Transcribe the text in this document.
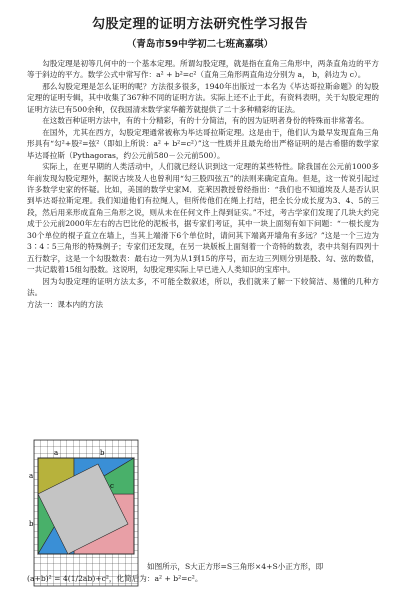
勾股定理的证明方法研究性学习报告
（青岛市59中学初二七班高嘉琪）

勾股定理是初等几何中的一个基本定理。所谓勾股定理，就是指在直角三角形中，两条直角边的平方等于斜边的平方。数学公式中常写作：a² + b²=c²（直角三角形两直角边分别为 a， b，斜边为 c）。

那么勾股定理是怎么证明的呢？方法很多很多，1940年出版过一本名为《毕达哥拉斯命题》的勾股定理的证明专辑，其中收集了367种不同的证明方法。实际上还不止于此，有资料表明，关于勾股定理的证明方法已有500余种，仅我国清末数学家华蘅芳就提供了二十多种精彩的证法。

在这数百种证明方法中，有的十分精彩，有的十分简洁，有的因为证明者身份的特殊而非常著名。

在国外，尤其在西方，勾股定理通常被称为毕达哥拉斯定理。这是由于，他们认为最早发现直角三角形具有“勾²+股²=弦²（即如上所说：a² + b²=c²）”这一性质并且最先给出严格证明的是古希腊的数学家毕达哥拉斯（Pythagoras，约公元前580－公元前500）。

实际上，在更早期的人类活动中，人们就已经认识到这一定理的某些特性。除我国在公元前1000多年前发现勾股定理外，据说古埃及人也曾利用“勾三股四弦五”的法则来确定直角。但是，这一传说引起过许多数学史家的怀疑。比如，美国的数学史家M．克莱因教授曾经指出：“我们也不知道埃及人是否认识到毕达哥拉斯定理。我们知道他们有拉绳人，但所传他们在绳上打结，把全长分成长度为3、4、5的三段，然后用来形成直角三角形之说，则从未在任何文件上得到证实。”不过，考古学家们发现了几块大约完成于公元前2000年左右的古巴比伦的泥板书，据专家们考证，其中一块上面刻有如下问题：“一根长度为30个单位的棍子直立在墙上，当其上端滑下6个单位时，请问其下端离开墙角有多远？”这是一个三边为3∶4∶5三角形的特殊例子；专家们还发现，在另一块版板上面刻着一个奇特的数表，表中共刻有四列十五行数字，这是一个勾股数表：最右边一列为从1到15的序号，而左边三列则分别是股、勾、弦的数值，一共记载着15组勾股数。这说明，勾股定理实际上早已进入人类知识的宝库中。

因为勾股定理的证明方法太多，不可能全数叙述，所以，我们就来了解一下较简洁、易懂的几种方法。

方法一：课本内的方法

b
a
c
a
b
如图所示，S大正方形=S三角形×4+S小正方形，即
(a+b)² = 4(1/2ab)+c²，化简后为：a² + b²=c²。
